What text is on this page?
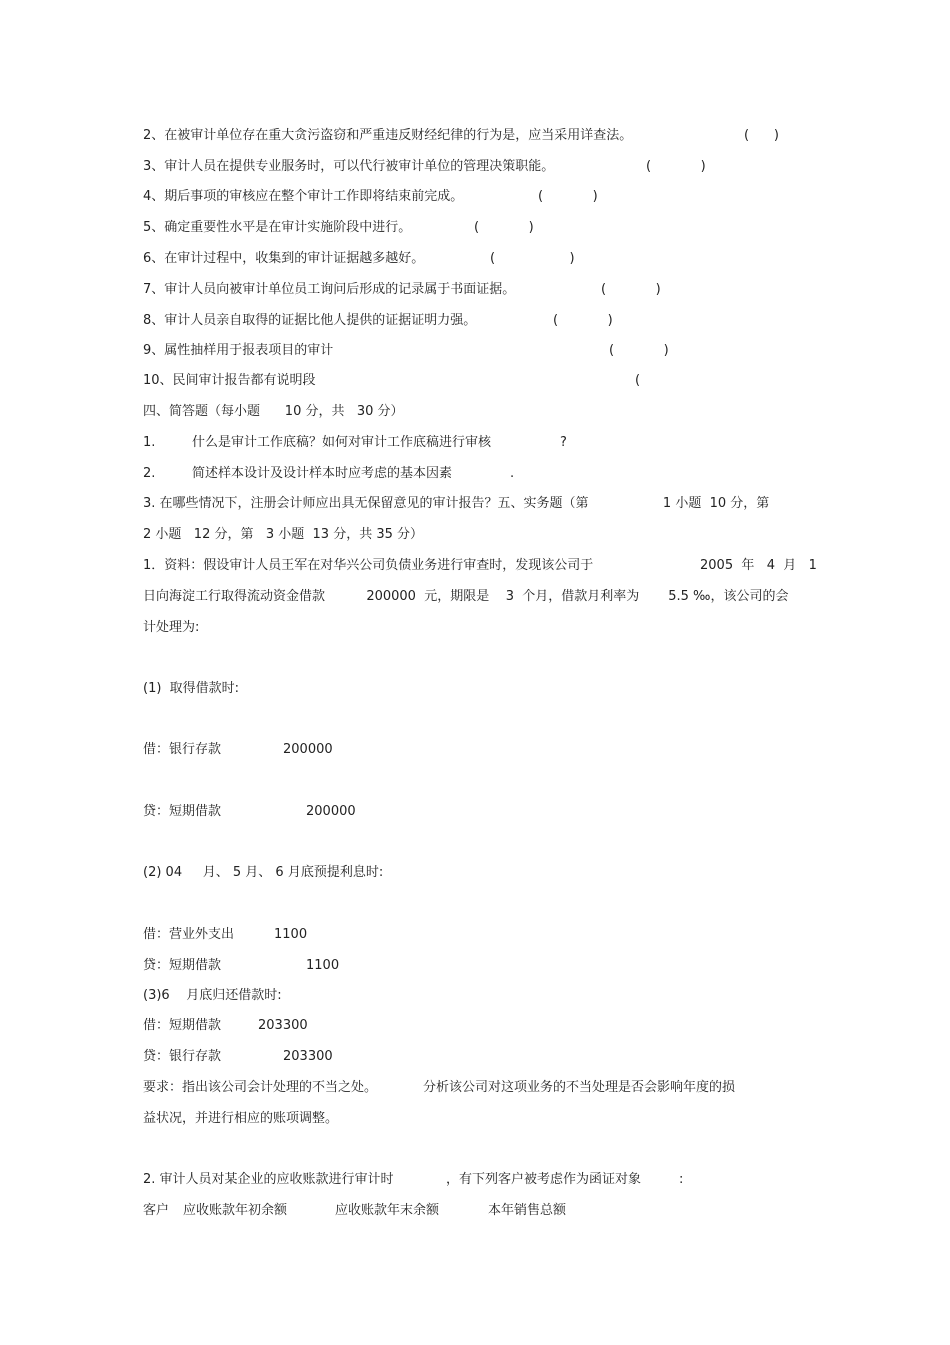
2、在被审计单位存在重大贪污盗窃和严重违反财经纪律的行为是，应当采用详查法。	(      )
3、审计人员在提供专业服务时，可以代行被审计单位的管理决策职能。	(            )
4、期后事项的审核应在整个审计工作即将结束前完成。	(            )
5、确定重要性水平是在审计实施阶段中进行。	(            )
6、在审计过程中，收集到的审计证据越多越好。	(                  )
7、审计人员向被审计单位员工询问后形成的记录属于书面证据。	(            )
8、审计人员亲自取得的证据比他人提供的证据证明力强。	(            )
9、属性抽样用于报表项目的审计	(            )
10、民间审计报告都有说明段	(
四、简答题（每小题      10 分，共   30 分）
1.	什么是审计工作底稿？如何对审计工作底稿进行审核	?
2.	简述样本设计及设计样本时应考虑的基本因素	.
3. 在哪些情况下，注册会计师应出具无保留意见的审计报告？五、实务题（第                  1 小题  10 分，第
2 小题   12 分，第   3 小题  13 分，共 35 分）
1．资料：假设审计人员王军在对华兴公司负债业务进行审查时，发现该公司于	2005  年   4  月   1
日向海淀工行取得流动资金借款          200000  元，期限是    3  个月，借款月利率为       5.5 ‰，该公司的会
计处理为:
(1)  取得借款时:
借：银行存款	200000
贷：短期借款	200000
(2) 04     月、 5 月、 6 月底预提利息时:
借：营业外支出	1100
贷：短期借款	1100
(3)6    月底归还借款时:
借：短期借款	203300
贷：银行存款	203300
要求：指出该公司会计处理的不当之处。	分析该公司对这项业务的不当处理是否会影响年度的损
益状况，并进行相应的账项调整。
2. 审计人员对某企业的应收账款进行审计时	，有下列客户被考虑作为函证对象	:
客户 应收账款年初余额	应收账款年末余额	本年销售总额
